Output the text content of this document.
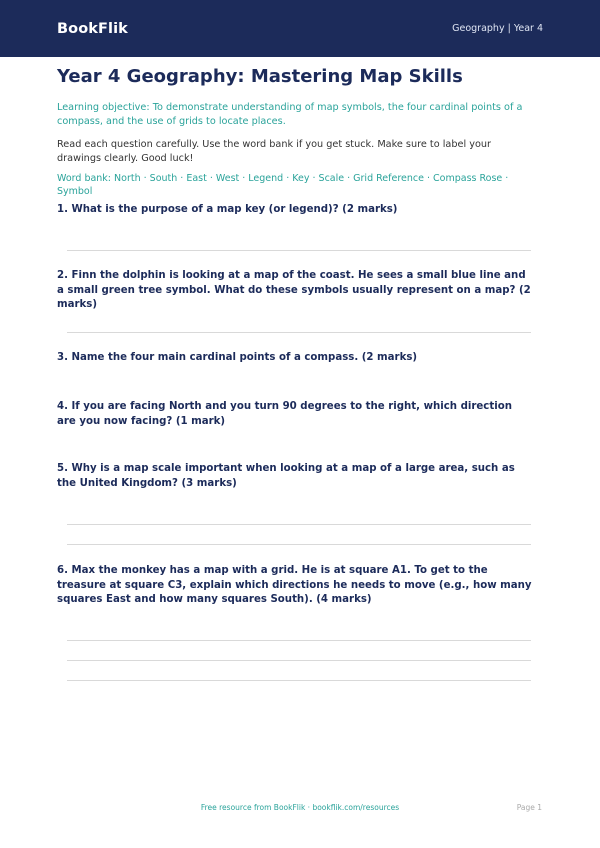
BookFlik	Geography | Year 4
Year 4 Geography: Mastering Map Skills

Learning objective: To demonstrate understanding of map symbols, the four cardinal points of a compass, and the use of grids to locate places.

Read each question carefully. Use the word bank if you get stuck. Make sure to label your drawings clearly. Good luck!

Word bank: North · South · East · West · Legend · Key · Scale · Grid Reference · Compass Rose · Symbol

1. What is the purpose of a map key (or legend)? (2 marks)
2. Finn the dolphin is looking at a map of the coast. He sees a small blue line and a small green tree symbol. What do these symbols usually represent on a map? (2 marks)
3. Name the four main cardinal points of a compass. (2 marks)
4. If you are facing North and you turn 90 degrees to the right, which direction are you now facing? (1 mark)
5. Why is a map scale important when looking at a map of a large area, such as the United Kingdom? (3 marks)
6. Max the monkey has a map with a grid. He is at square A1. To get to the treasure at square C3, explain which directions he needs to move (e.g., how many squares East and how many squares South). (4 marks)
Free resource from BookFlik · bookflik.com/resources	Page 1
